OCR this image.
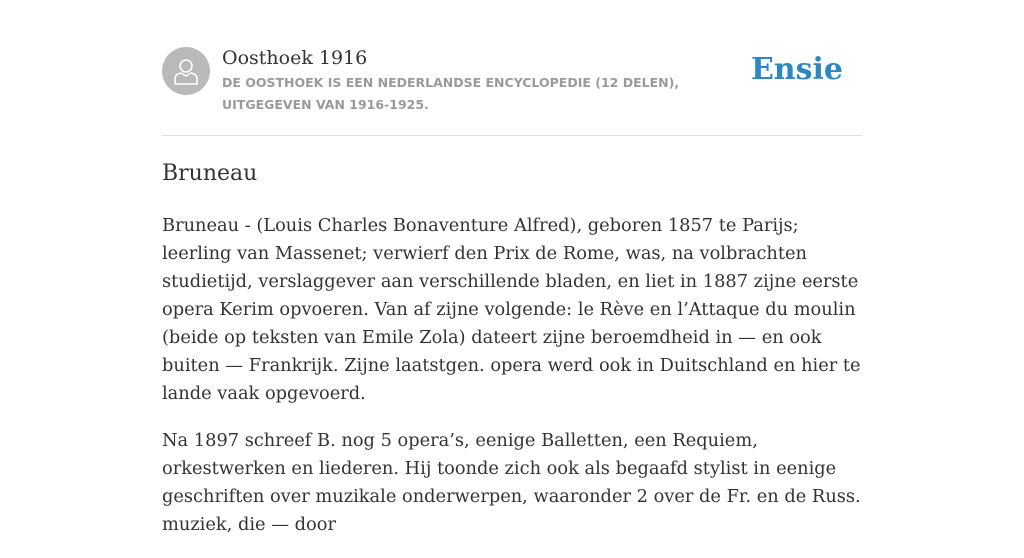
Oosthoek 1916
DE OOSTHOEK IS EEN NEDERLANDSE ENCYCLOPEDIE (12 DELEN), UITGEGEVEN VAN 1916-1925.
Ensie
Bruneau

Bruneau - (Louis Charles Bonaventure Alfred), geboren 1857 te Parijs; leerling van Massenet; verwierf den Prix de Rome, was, na volbrachten studietijd, verslaggever aan verschillende bladen, en liet in 1887 zijne eerste opera Kerim opvoeren. Van af zijne volgende: le Rève en l’Attaque du moulin (beide op teksten van Emile Zola) dateert zijne beroemdheid in — en ook buiten — Frankrijk. Zijne laatstgen. opera werd ook in Duitschland en hier te lande vaak opgevoerd.

Na 1897 schreef B. nog 5 opera’s, eenige Balletten, een Requiem, orkestwerken en liederen. Hij toonde zich ook als begaafd stylist in eenige geschriften over muzikale onderwerpen, waaronder 2 over de Fr. en de Russ. muziek, die — door
